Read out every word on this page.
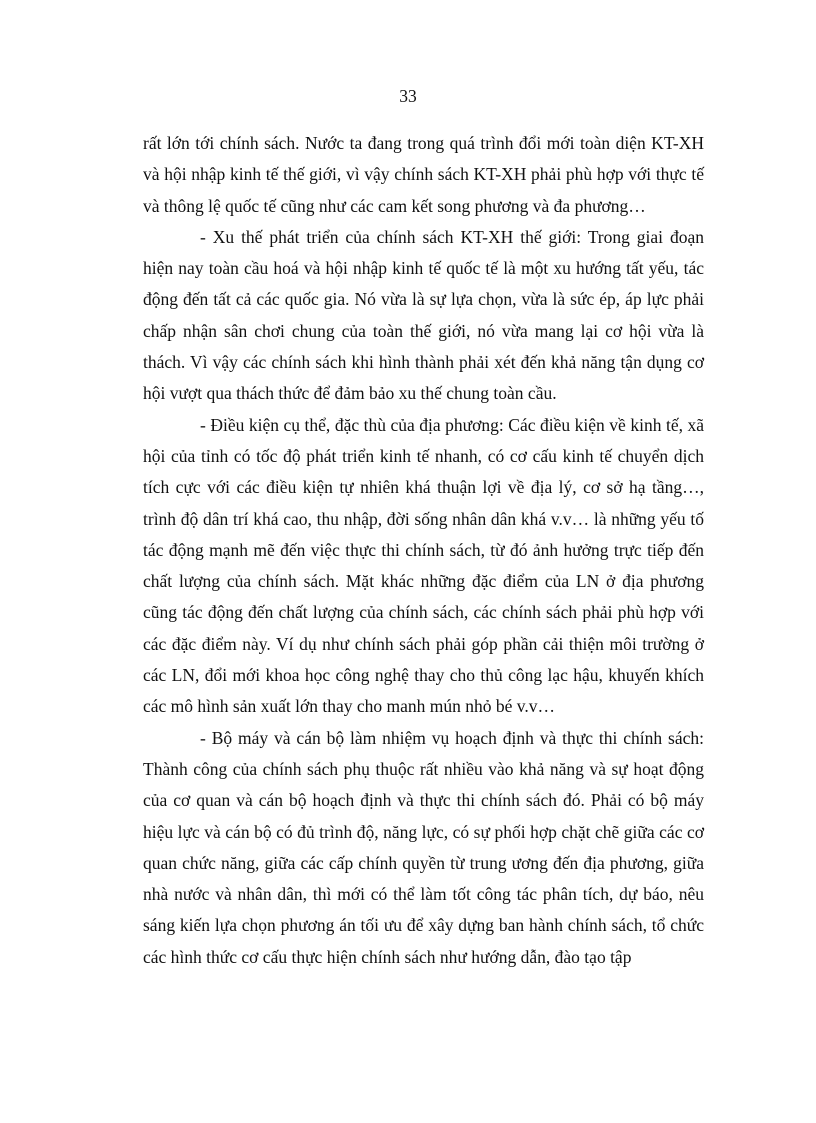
33

rất lớn tới chính sách. Nước ta đang trong quá trình đổi mới toàn diện KT-XH và hội nhập kinh tế thế giới, vì vậy chính sách KT-XH phải phù hợp với thực tế và thông lệ quốc tế cũng như các cam kết song phương và đa phương…

- Xu thế phát triển của chính sách KT-XH thế giới: Trong giai đoạn hiện nay toàn cầu hoá và hội nhập kinh tế quốc tế là một xu hướng tất yếu, tác động đến tất cả các quốc gia. Nó vừa là sự lựa chọn, vừa là sức ép, áp lực phải chấp nhận sân chơi chung của toàn thế giới, nó vừa mang lại cơ hội vừa là thách. Vì vậy các chính sách khi hình thành phải xét đến khả năng tận dụng cơ hội vượt qua thách thức để đảm bảo xu thế chung toàn cầu.

- Điều kiện cụ thể, đặc thù của địa phương: Các điều kiện về kinh tế, xã hội của tỉnh có tốc độ phát triển kinh tế nhanh, có cơ cấu kinh tế chuyển dịch tích cực với các điều kiện tự nhiên khá thuận lợi về địa lý, cơ sở hạ tầng…, trình độ dân trí khá cao, thu nhập, đời sống nhân dân khá v.v… là những yếu tố tác động mạnh mẽ đến việc thực thi chính sách, từ đó ảnh hưởng trực tiếp đến chất lượng của chính sách. Mặt khác những đặc điểm của LN ở địa phương cũng tác động đến chất lượng của chính sách, các chính sách phải phù hợp với các đặc điểm này. Ví dụ như chính sách phải góp phần cải thiện môi trường ở các LN, đổi mới khoa học công nghệ thay cho thủ công lạc hậu, khuyến khích các mô hình sản xuất lớn thay cho manh mún nhỏ bé v.v…

- Bộ máy và cán bộ làm nhiệm vụ hoạch định và thực thi chính sách: Thành công của chính sách phụ thuộc rất nhiều vào khả năng và sự hoạt động của cơ quan và cán bộ hoạch định và thực thi chính sách đó. Phải có bộ máy hiệu lực và cán bộ có đủ trình độ, năng lực, có sự phối hợp chặt chẽ giữa các cơ quan chức năng, giữa các cấp chính quyền từ trung ương đến địa phương, giữa nhà nước và nhân dân, thì mới có thể làm tốt công tác phân tích, dự báo, nêu sáng kiến lựa chọn phương án tối ưu để xây dựng ban hành chính sách, tổ chức các hình thức cơ cấu thực hiện chính sách như hướng dẫn, đào tạo tập
